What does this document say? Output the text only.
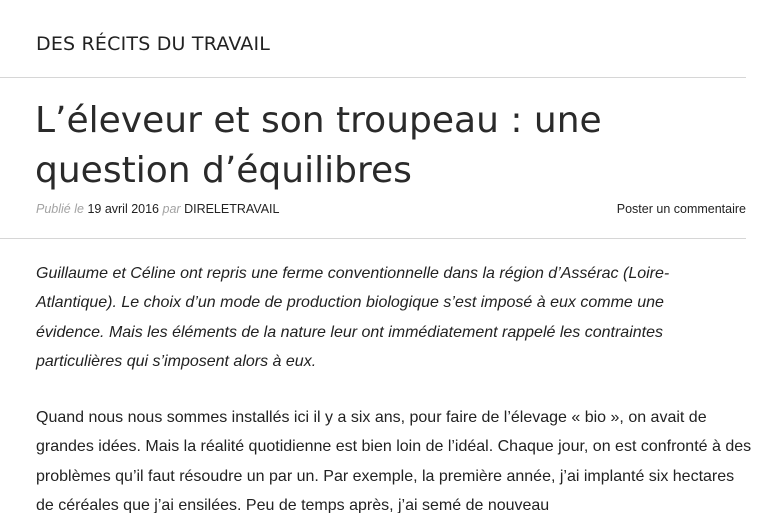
DES RÉCITS DU TRAVAIL
L’éleveur et son troupeau : une question d’équilibres
Publié le 19 avril 2016 par DIRELETRAVAIL	Poster un commentaire

Guillaume et Céline ont repris une ferme conventionnelle dans la région d’Assérac (Loire-Atlantique). Le choix d’un mode de production biologique s’est imposé à eux comme une évidence. Mais les éléments de la nature leur ont immédiatement rappelé les contraintes particulières qui s’imposent alors à eux.

Quand nous nous sommes installés ici il y a six ans, pour faire de l’élevage « bio », on avait de grandes idées. Mais la réalité quotidienne est bien loin de l’idéal. Chaque jour, on est confronté à des problèmes qu’il faut résoudre un par un. Par exemple, la première année, j’ai implanté six hectares de céréales que j’ai ensilées. Peu de temps après, j’ai semé de nouveau
